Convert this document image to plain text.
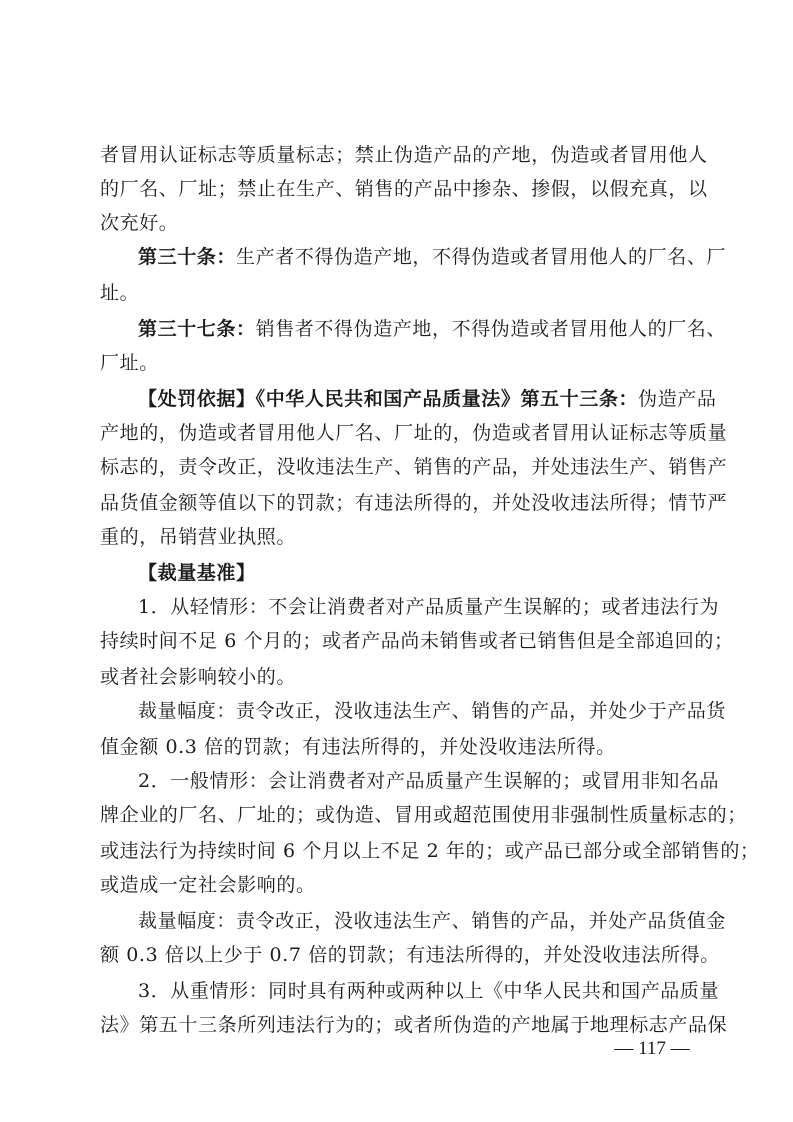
者冒用认证标志等质量标志；禁止伪造产品的产地，伪造或者冒用他人
的厂名、厂址；禁止在生产、销售的产品中掺杂、掺假，以假充真，以
次充好。
第三十条：生产者不得伪造产地，不得伪造或者冒用他人的厂名、厂
址。
第三十七条：销售者不得伪造产地，不得伪造或者冒用他人的厂名、
厂址。
【处罚依据】《中华人民共和国产品质量法》第五十三条：伪造产品
产地的，伪造或者冒用他人厂名、厂址的，伪造或者冒用认证标志等质量
标志的，责令改正，没收违法生产、销售的产品，并处违法生产、销售产
品货值金额等值以下的罚款；有违法所得的，并处没收违法所得；情节严
重的，吊销营业执照。
【裁量基准】
1．从轻情形：不会让消费者对产品质量产生误解的；或者违法行为
持续时间不足 6 个月的；或者产品尚未销售或者已销售但是全部追回的；
或者社会影响较小的。
裁量幅度：责令改正，没收违法生产、销售的产品，并处少于产品货
值金额 0.3 倍的罚款；有违法所得的，并处没收违法所得。
2．一般情形：会让消费者对产品质量产生误解的；或冒用非知名品
牌企业的厂名、厂址的；或伪造、冒用或超范围使用非强制性质量标志的；
或违法行为持续时间 6 个月以上不足 2 年的；或产品已部分或全部销售的；
或造成一定社会影响的。
裁量幅度：责令改正，没收违法生产、销售的产品，并处产品货值金
额 0.3 倍以上少于 0.7 倍的罚款；有违法所得的，并处没收违法所得。
3．从重情形：同时具有两种或两种以上《中华人民共和国产品质量
法》第五十三条所列违法行为的；或者所伪造的产地属于地理标志产品保
— 117 —
